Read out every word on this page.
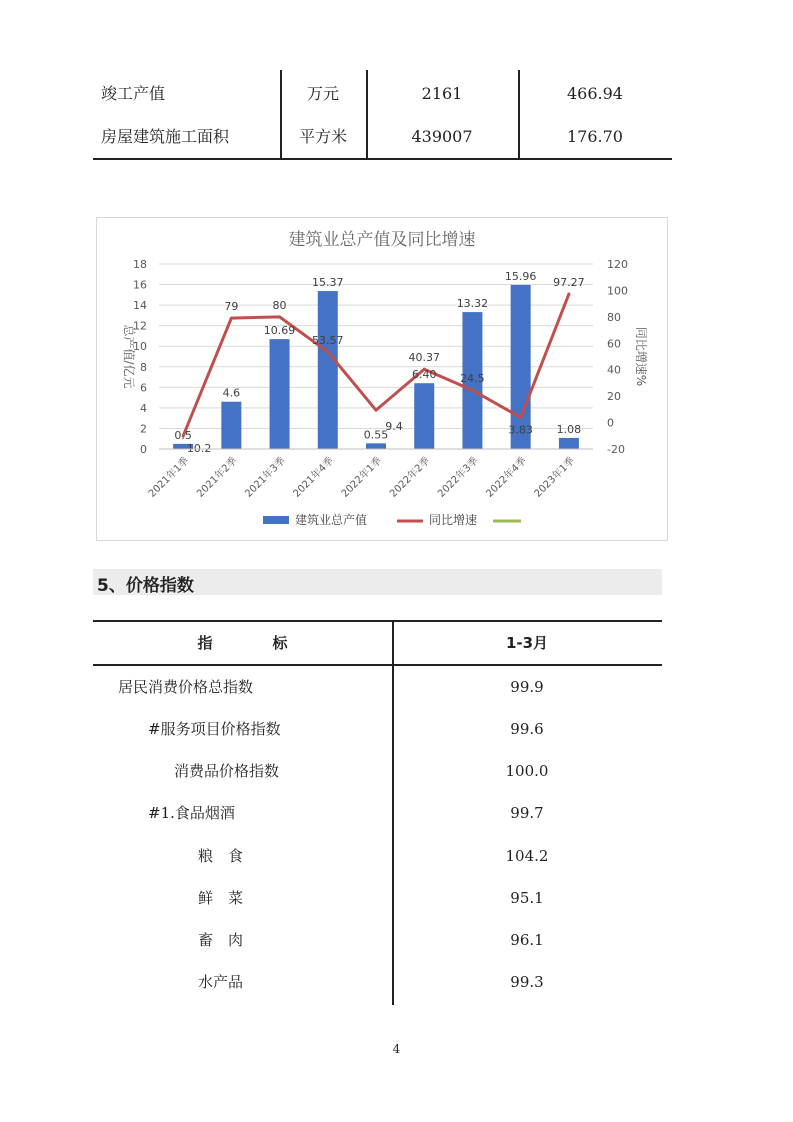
竣工产值	万元	2161	466.94
房屋建筑施工面积	平方米	439007	176.70
建筑业总产值及同比增速
0.5
4.6
10.69
15.37
0.55
6.40
13.32
15.96
1.08
-10.2
79	80
53.57
9.4
40.37
24.5
3.83
97.27
0
2
4
6
8
10
12
14
16
18
-20
0
20
40
60
80
100
120
总产值/亿元	同比增速%
2021年1季 2021年2季 2021年3季 2021年4季 2022年1季 2022年2季 2022年3季 2022年4季 2023年1季
建筑业总产值	同比增速
5、价格指数
指　　　　标	1-3月
居民消费价格总指数	99.9
#服务项目价格指数	99.6
消费品价格指数	100.0
#1.食品烟酒	99.7
粮　食	104.2
鲜　菜	95.1
畜　肉	96.1
水产品	99.3
4
